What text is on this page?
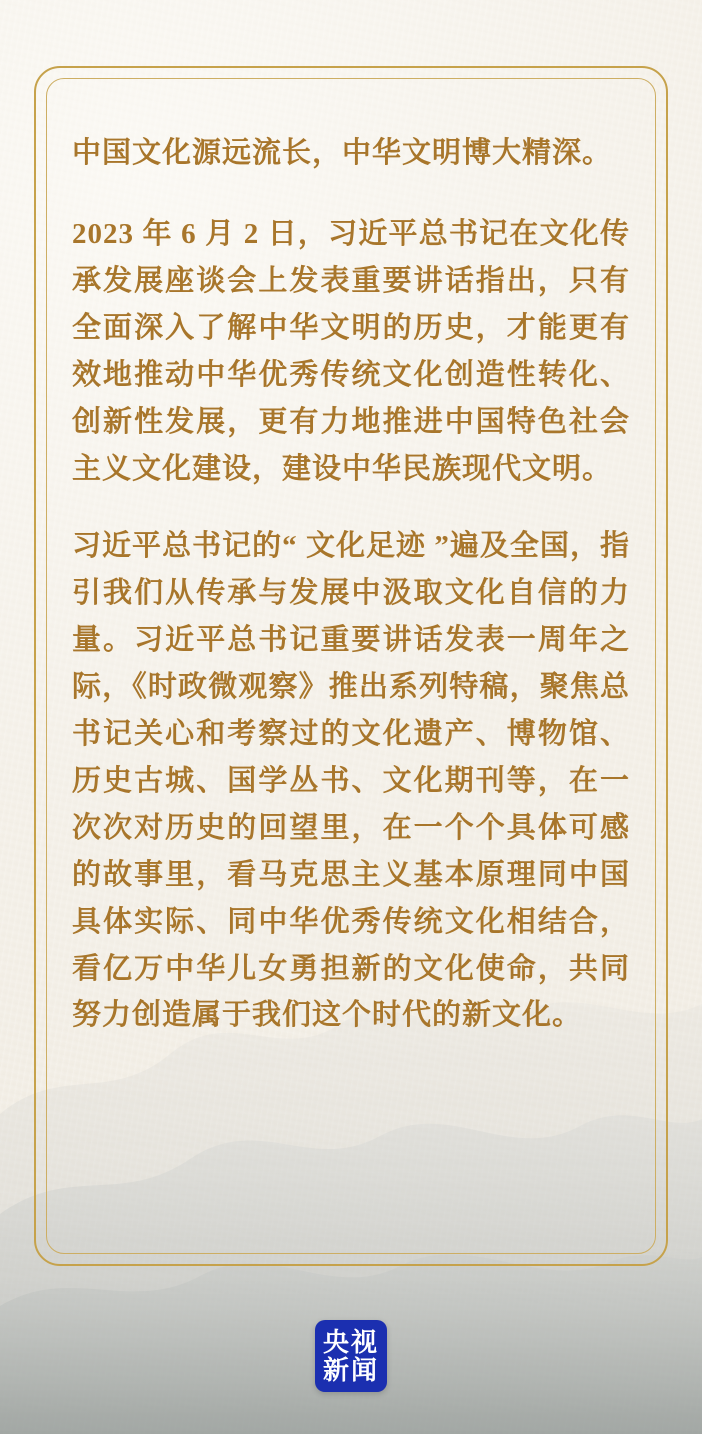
中国文化源远流长，中华文明博大精深。

2023 年 6 月 2 日，习近平总书记在文化传承发展座谈会上发表重要讲话指出，只有全面深入了解中华文明的历史，才能更有效地推动中华优秀传统文化创造性转化、创新性发展，更有力地推进中国特色社会主义文化建设，建设中华民族现代文明。

习近平总书记的“ 文化足迹 ”遍及全国，指引我们从传承与发展中汲取文化自信的力量。习近平总书记重要讲话发表一周年之际，《时政微观察》推出系列特稿，聚焦总书记关心和考察过的文化遗产、博物馆、历史古城、国学丛书、文化期刊等，在一次次对历史的回望里，在一个个具体可感的故事里，看马克思主义基本原理同中国具体实际、同中华优秀传统文化相结合，看亿万中华儿女勇担新的文化使命，共同努力创造属于我们这个时代的新文化。

央视
新闻
